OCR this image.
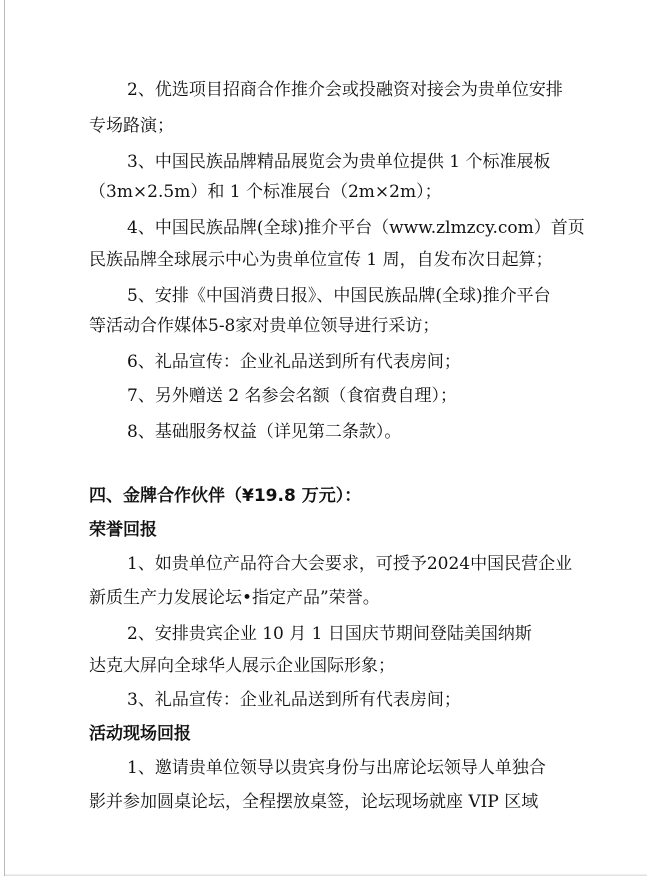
2、优选项目招商合作推介会或投融资对接会为贵单位安排
专场路演；
3、中国民族品牌精品展览会为贵单位提供 1 个标准展板
（3m×2.5m）和 1 个标准展台（2m×2m）；
4、中国民族品牌(全球)推介平台（www.zlmzcy.com）首页
民族品牌全球展示中心为贵单位宣传 1 周，自发布次日起算；
5、安排《中国消费日报》、中国民族品牌(全球)推介平台
等活动合作媒体5-8家对贵单位领导进行采访；
6、礼品宣传：企业礼品送到所有代表房间；
7、另外赠送 2 名参会名额（食宿费自理）；
8、基础服务权益（详见第二条款）。
四、金牌合作伙伴（¥19.8 万元）：
荣誉回报
1、如贵单位产品符合大会要求，可授予2024中国民营企业
新质生产力发展论坛•指定产品”荣誉。
2、安排贵宾企业 10 月 1 日国庆节期间登陆美国纳斯
达克大屏向全球华人展示企业国际形象；
3、礼品宣传：企业礼品送到所有代表房间；
活动现场回报
1、邀请贵单位领导以贵宾身份与出席论坛领导人单独合
影并参加圆桌论坛，全程摆放桌签，论坛现场就座 VIP 区域
